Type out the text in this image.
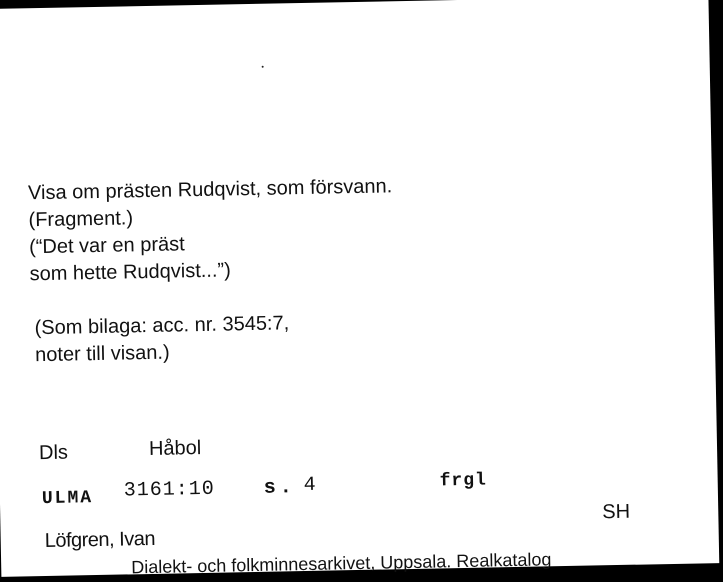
Visa om prästen Rudqvist, som försvann.
(Fragment.)
(“Det var en präst
som hette Rudqvist...”)
(Som bilaga: acc. nr. 3545:7,
noter till visan.)
Dls	Håbol
ULMA 3161:10 s. 4	frgl
SH
Löfgren, Ivan
Dialekt- och folkminnesarkivet, Uppsala. Realkatalog
